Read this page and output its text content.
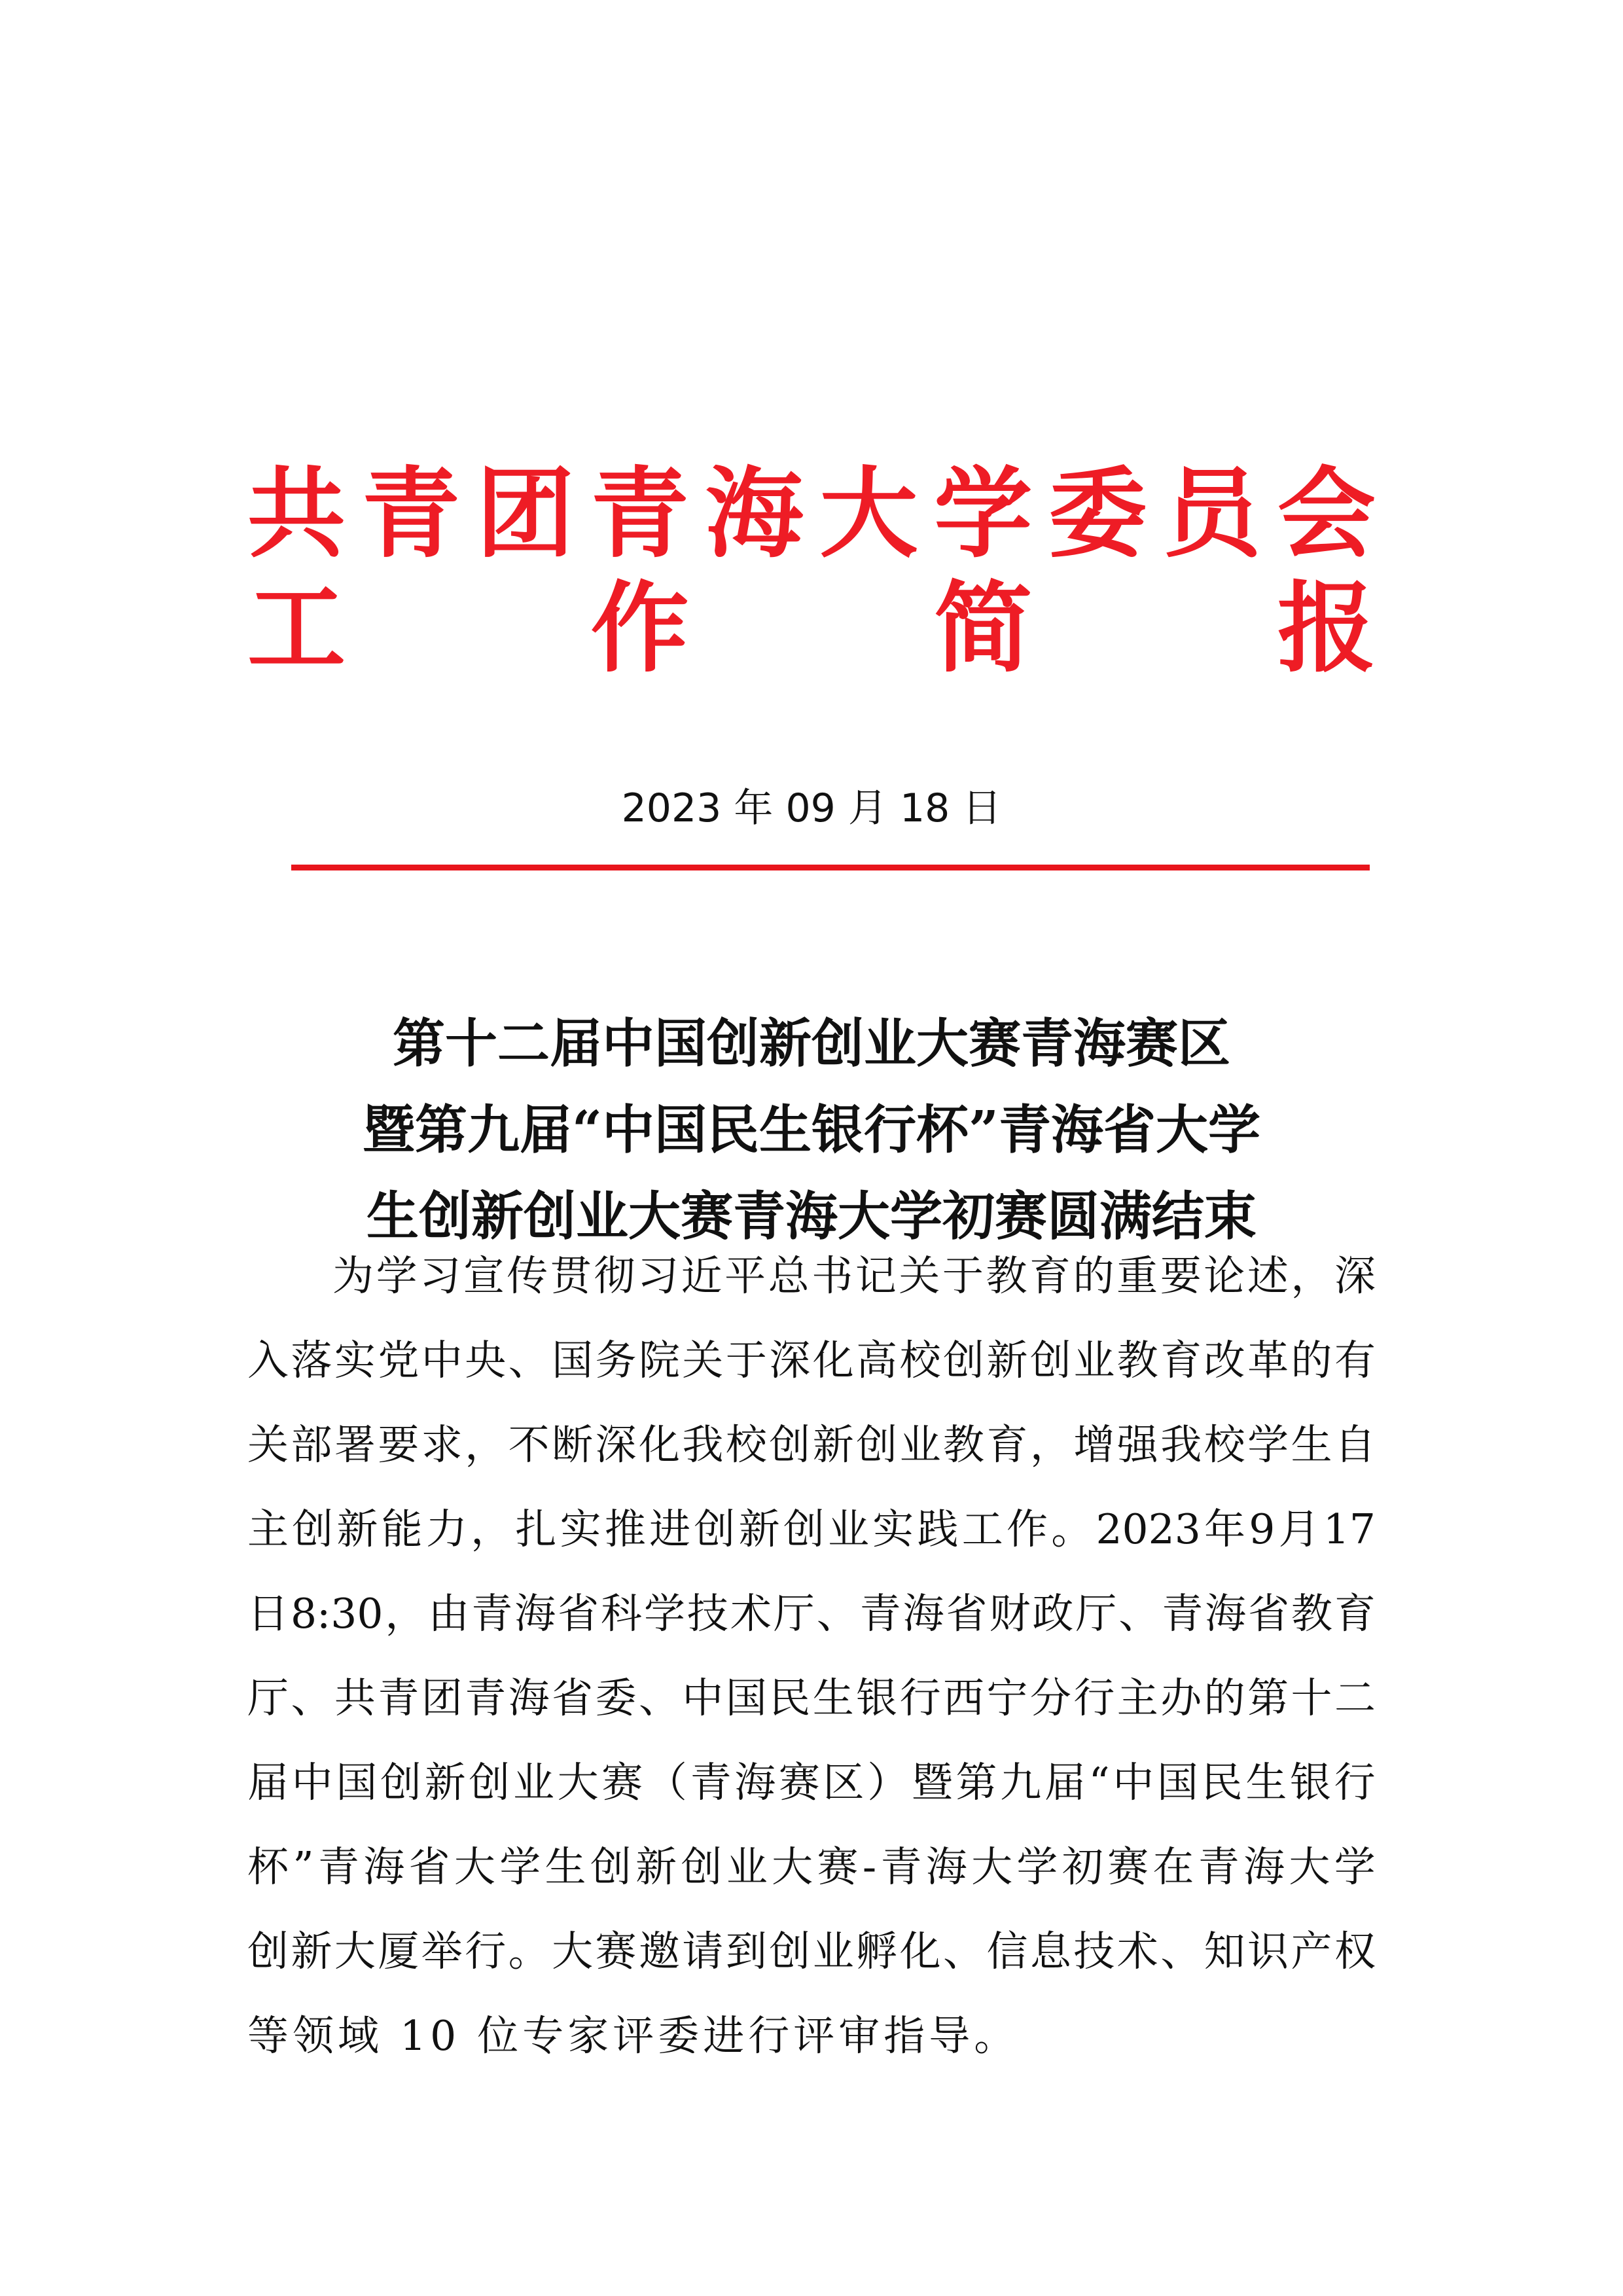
共 青 团 青 海 大 学 委 员 会
工 作 简 报
2023 年 09 月 18 日
第十二届中国创新创业大赛青海赛区
暨第九届“中国民生银行杯”青海省大学
生创新创业大赛青海大学初赛圆满结束
为 学 习 宣 传 贯 彻 习 近 平 总 书 记 关 于 教 育 的 重 要 论 述 ， 深
入 落 实 党 中 央 、 国 务 院 关 于 深 化 高 校 创 新 创 业 教 育 改 革 的 有
关 部 署 要 求 ， 不 断 深 化 我 校 创 新 创 业 教 育 ， 增 强 我 校 学 生 自
主 创 新 能 力 ， 扎 实 推 进 创 新 创 业 实 践 工 作 。 2023 年 9 月 17
日 8:30 ， 由 青 海 省 科 学 技 术 厅 、 青 海 省 财 政 厅 、 青 海 省 教 育
厅 、 共 青 团 青 海 省 委 、 中 国 民 生 银 行 西 宁 分 行 主 办 的 第 十 二
届 中 国 创 新 创 业 大 赛 （ 青 海 赛 区 ） 暨 第 九 届 “ 中 国 民 生 银 行
杯 ” 青 海 省 大 学 生 创 新 创 业 大 赛 - 青 海 大 学 初 赛 在 青 海 大 学
创 新 大 厦 举 行 。 大 赛 邀 请 到 创 业 孵 化 、 信 息 技 术 、 知 识 产 权
等领域 10 位专家评委进行评审指导。
